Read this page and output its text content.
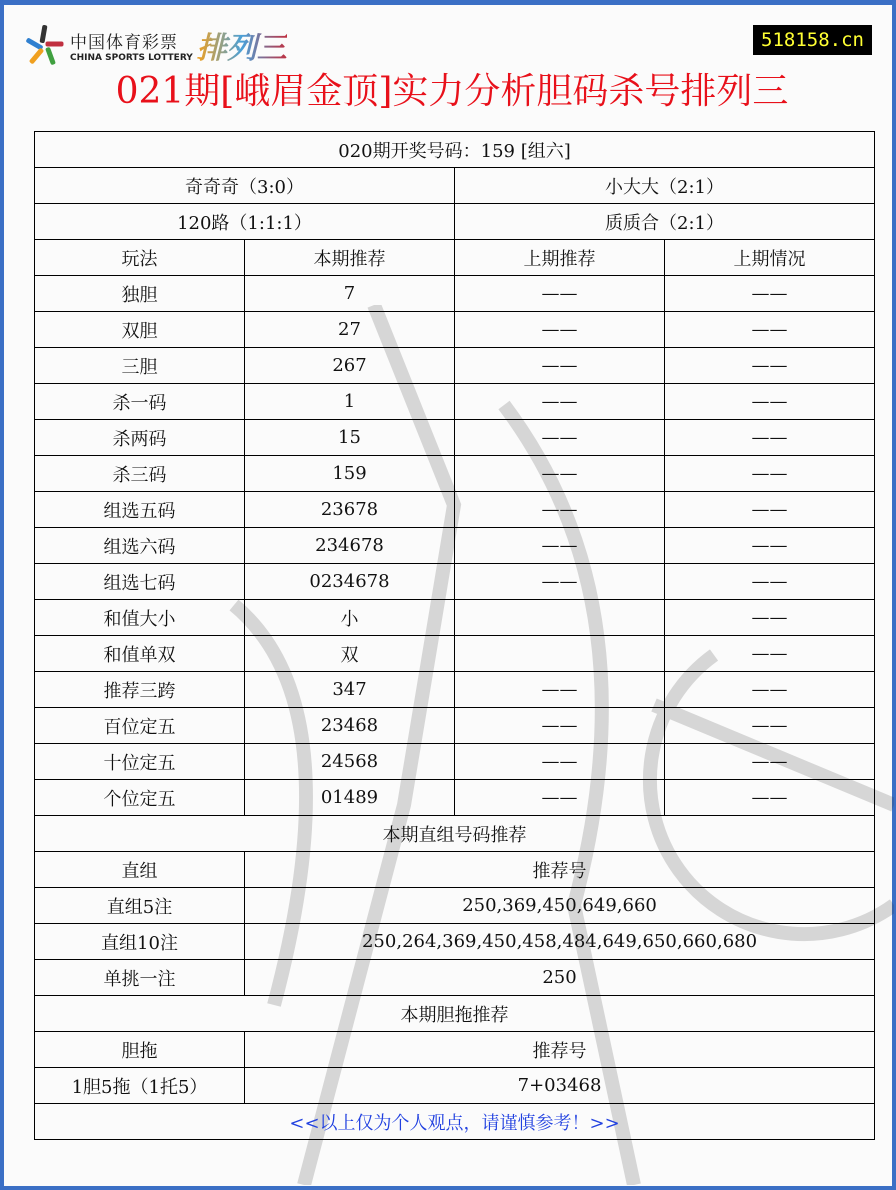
中国体育彩票
CHINA SPORTS LOTTERY 排列三	518158.cn
021期[峨眉金顶]实力分析胆码杀号排列三
020期开奖号码：159 [组六]			
奇奇奇（3:0）		小大大（2:1）	
120路（1:1:1）		质质合（2:1）	
玩法	本期推荐	上期推荐	上期情况
独胆	7	——	——
双胆	27	——	——
三胆	267	——	——
杀一码	1	——	——
杀两码	15	——	——
杀三码	159	——	——
组选五码	23678	——	——
组选六码	234678	——	——
组选七码	0234678	——	——
和值大小	小		——
和值单双	双		——
推荐三跨	347	——	——
百位定五	23468	——	——
十位定五	24568	——	——
个位定五	01489	——	——
本期直组号码推荐			
直组	推荐号		
直组5注	250,369,450,649,660		
直组10注	250,264,369,450,458,484,649,650,660,680		
单挑一注	250		
本期胆拖推荐			
胆拖	推荐号		
1胆5拖（1托5）	7+03468		
<<以上仅为个人观点，请谨慎参考！>>			
